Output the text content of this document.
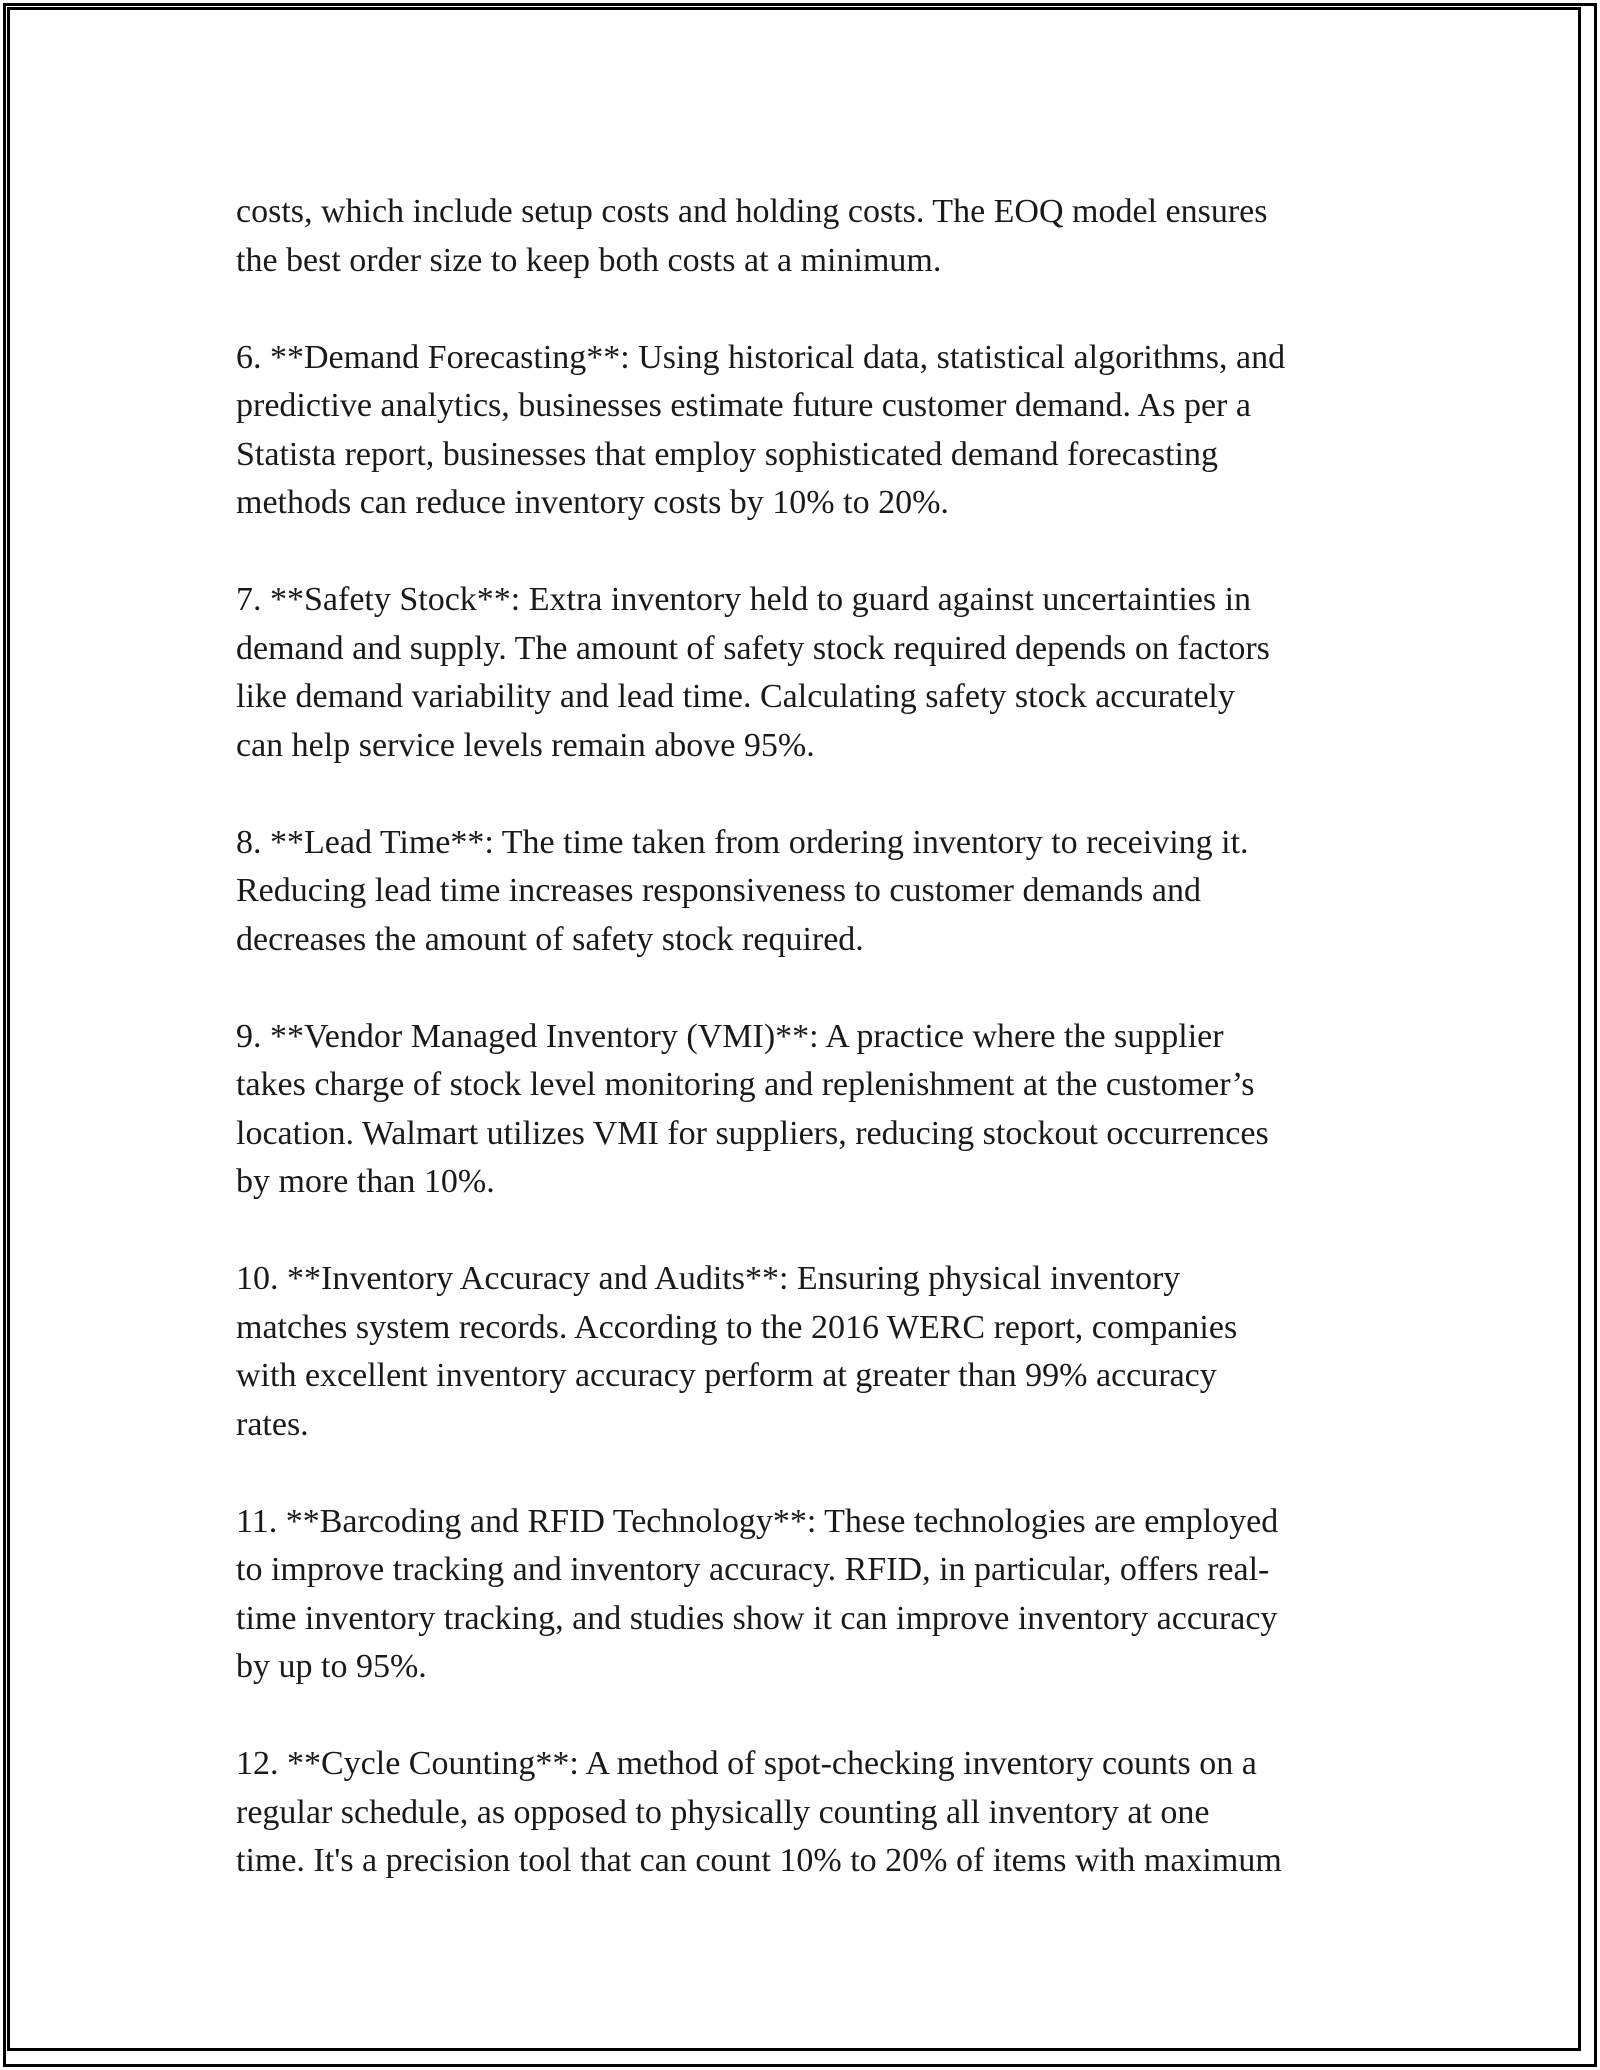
costs, which include setup costs and holding costs. The EOQ model ensures
the best order size to keep both costs at a minimum.

6. **Demand Forecasting**: Using historical data, statistical algorithms, and
predictive analytics, businesses estimate future customer demand. As per a
Statista report, businesses that employ sophisticated demand forecasting
methods can reduce inventory costs by 10% to 20%.

7. **Safety Stock**: Extra inventory held to guard against uncertainties in
demand and supply. The amount of safety stock required depends on factors
like demand variability and lead time. Calculating safety stock accurately
can help service levels remain above 95%.

8. **Lead Time**: The time taken from ordering inventory to receiving it.
Reducing lead time increases responsiveness to customer demands and
decreases the amount of safety stock required.

9. **Vendor Managed Inventory (VMI)**: A practice where the supplier
takes charge of stock level monitoring and replenishment at the customer’s
location. Walmart utilizes VMI for suppliers, reducing stockout occurrences
by more than 10%.

10. **Inventory Accuracy and Audits**: Ensuring physical inventory
matches system records. According to the 2016 WERC report, companies
with excellent inventory accuracy perform at greater than 99% accuracy
rates.

11. **Barcoding and RFID Technology**: These technologies are employed
to improve tracking and inventory accuracy. RFID, in particular, offers real-
time inventory tracking, and studies show it can improve inventory accuracy
by up to 95%.

12. **Cycle Counting**: A method of spot-checking inventory counts on a
regular schedule, as opposed to physically counting all inventory at one
time. It's a precision tool that can count 10% to 20% of items with maximum
